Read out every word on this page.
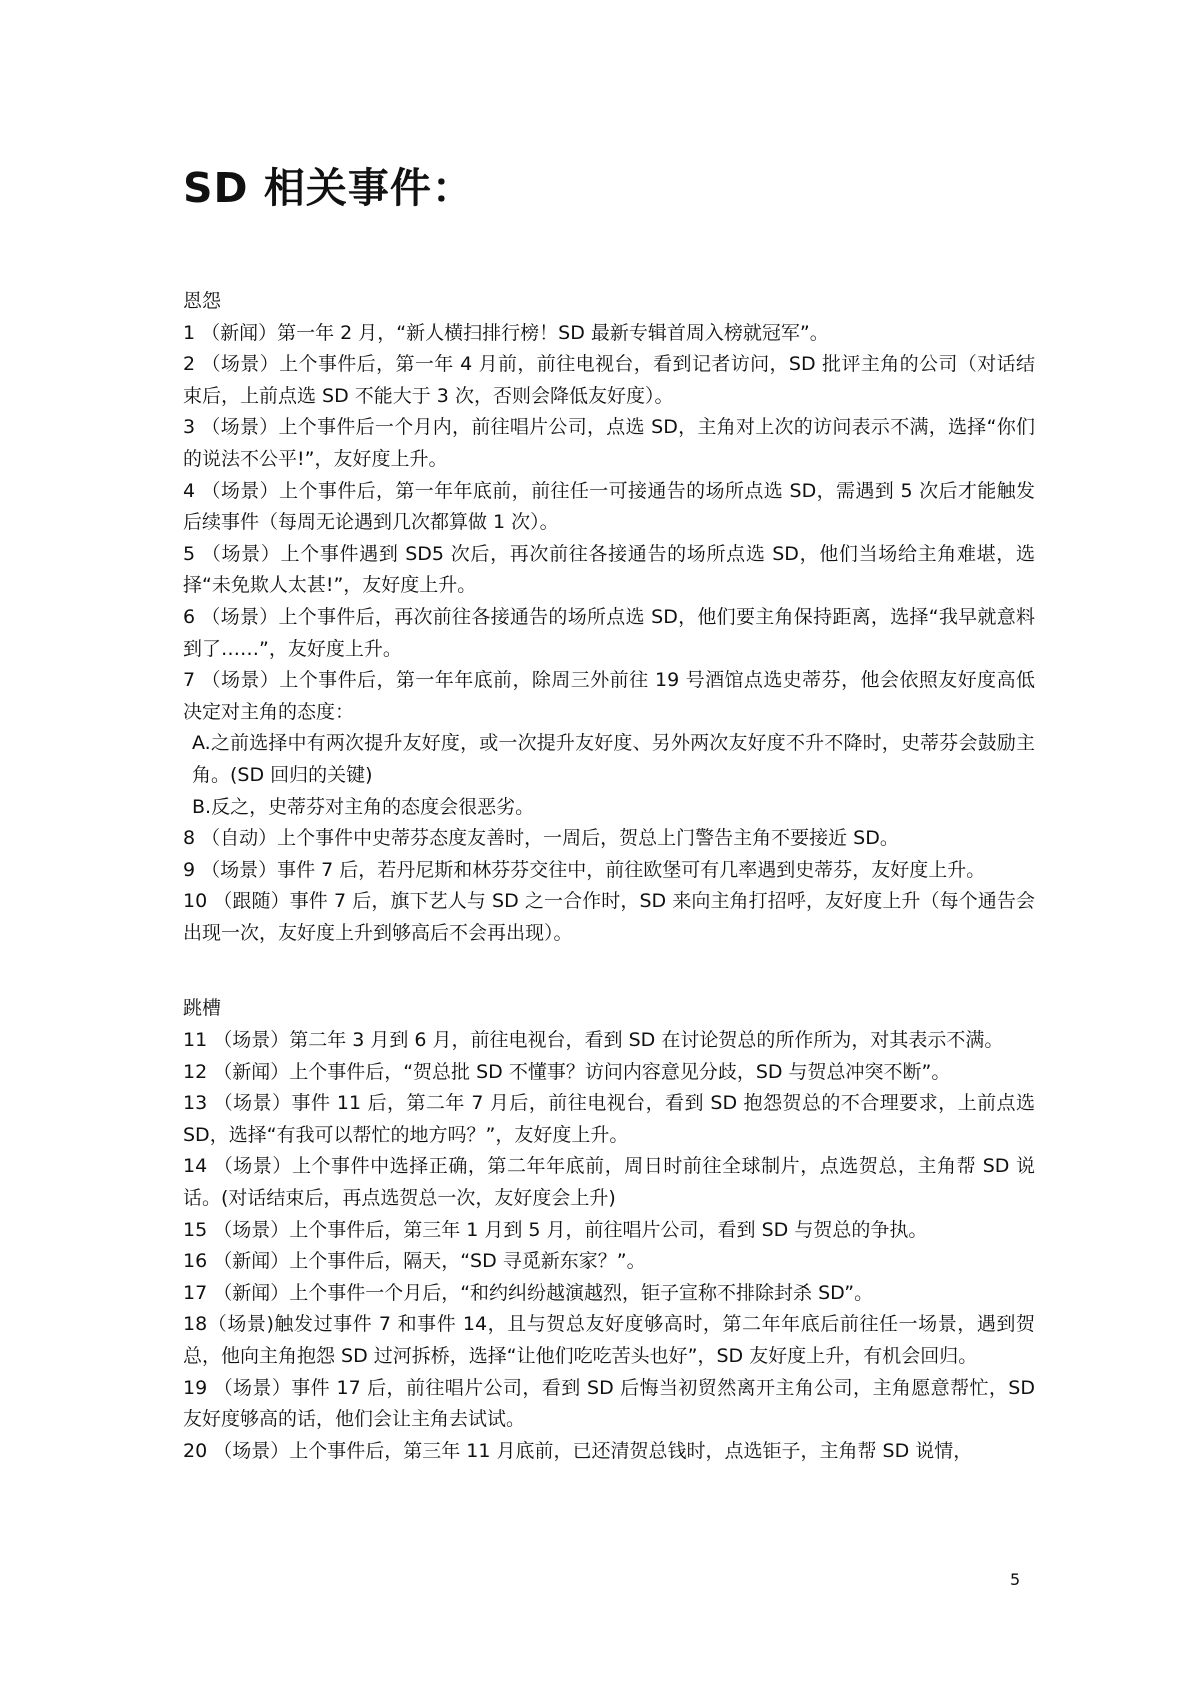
SD 相关事件：

恩怨

1 （新闻）第一年 2 月，“新人横扫排行榜！SD 最新专辑首周入榜就冠军”。

2 （场景）上个事件后，第一年 4 月前，前往电视台，看到记者访问，SD 批评主角的公司（对话结束后，上前点选 SD 不能大于 3 次，否则会降低友好度）。

3 （场景）上个事件后一个月内，前往唱片公司，点选 SD，主角对上次的访问表示不满，选择“你们的说法不公平!”，友好度上升。

4 （场景）上个事件后，第一年年底前，前往任一可接通告的场所点选 SD，需遇到 5 次后才能触发后续事件（每周无论遇到几次都算做 1 次）。

5 （场景）上个事件遇到 SD5 次后，再次前往各接通告的场所点选 SD，他们当场给主角难堪，选择“未免欺人太甚!”，友好度上升。

6 （场景）上个事件后，再次前往各接通告的场所点选 SD，他们要主角保持距离，选择“我早就意料到了……”，友好度上升。

7 （场景）上个事件后，第一年年底前，除周三外前往 19 号酒馆点选史蒂芬，他会依照友好度高低决定对主角的态度：

A.之前选择中有两次提升友好度，或一次提升友好度、另外两次友好度不升不降时，史蒂芬会鼓励主角。(SD 回归的关键)

B.反之，史蒂芬对主角的态度会很恶劣。

8 （自动）上个事件中史蒂芬态度友善时，一周后，贺总上门警告主角不要接近 SD。

9 （场景）事件 7 后，若丹尼斯和林芬芬交往中，前往欧堡可有几率遇到史蒂芬，友好度上升。

10 （跟随）事件 7 后，旗下艺人与 SD 之一合作时，SD 来向主角打招呼，友好度上升（每个通告会出现一次，友好度上升到够高后不会再出现）。

跳槽

11 （场景）第二年 3 月到 6 月，前往电视台，看到 SD 在讨论贺总的所作所为，对其表示不满。

12 （新闻）上个事件后，“贺总批 SD 不懂事？访问内容意见分歧，SD 与贺总冲突不断”。

13 （场景）事件 11 后，第二年 7 月后，前往电视台，看到 SD 抱怨贺总的不合理要求，上前点选 SD，选择“有我可以帮忙的地方吗？”，友好度上升。

14 （场景）上个事件中选择正确，第二年年底前，周日时前往全球制片，点选贺总，主角帮 SD 说话。(对话结束后，再点选贺总一次，友好度会上升)

15 （场景）上个事件后，第三年 1 月到 5 月，前往唱片公司，看到 SD 与贺总的争执。

16 （新闻）上个事件后，隔天，“SD 寻觅新东家？”。

17 （新闻）上个事件一个月后，“和约纠纷越演越烈，钜子宣称不排除封杀 SD”。

18（场景)触发过事件 7 和事件 14，且与贺总友好度够高时，第二年年底后前往任一场景，遇到贺总，他向主角抱怨 SD 过河拆桥，选择“让他们吃吃苦头也好”，SD 友好度上升，有机会回归。

19 （场景）事件 17 后，前往唱片公司，看到 SD 后悔当初贸然离开主角公司，主角愿意帮忙，SD 友好度够高的话，他们会让主角去试试。

20 （场景）上个事件后，第三年 11 月底前，已还清贺总钱时，点选钜子，主角帮 SD 说情，

5
